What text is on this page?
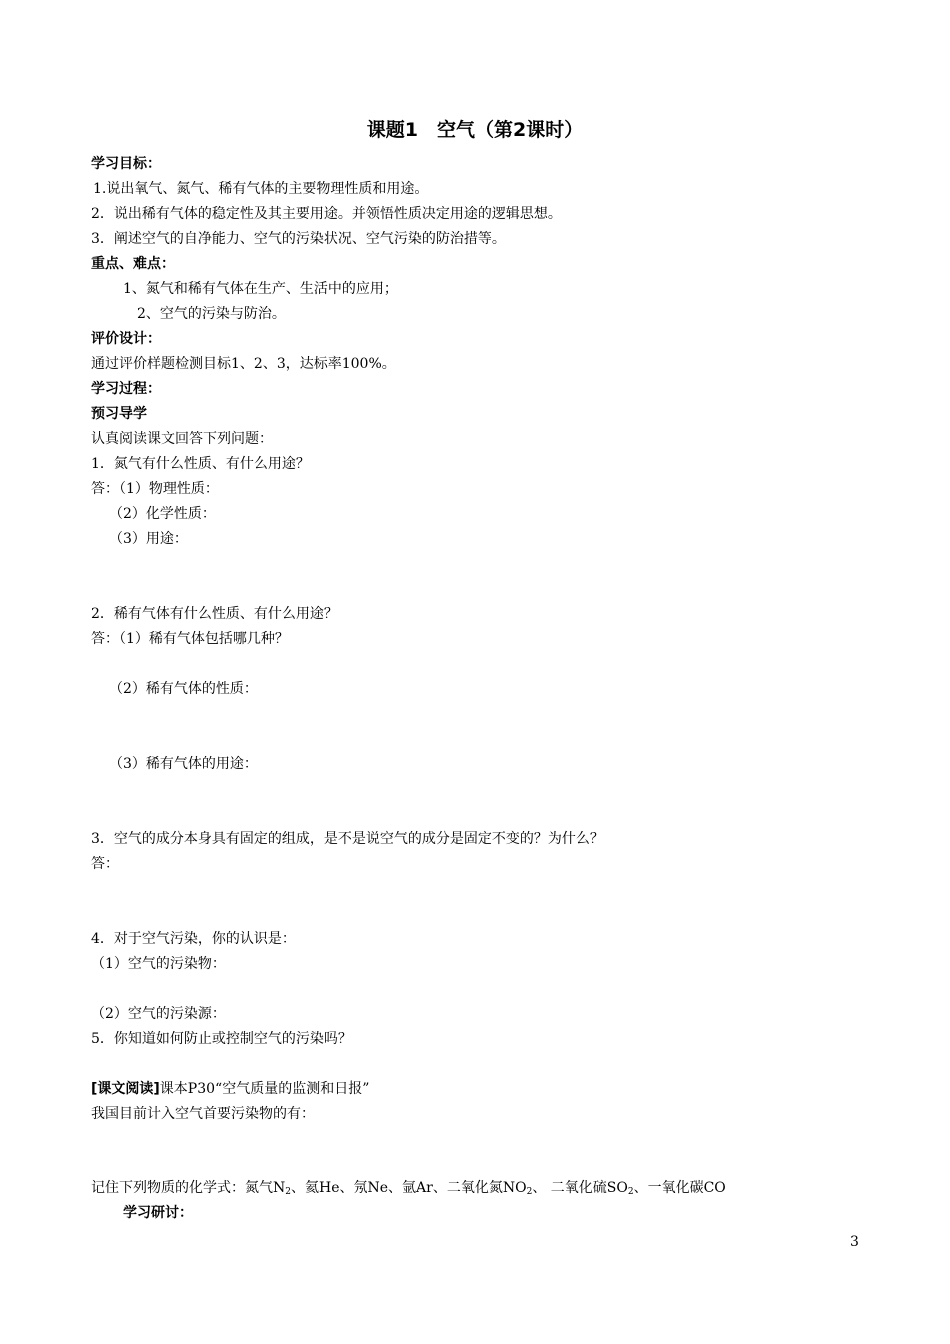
课题1　空气（第2课时）
学习目标：
1.说出氧气、氮气、稀有气体的主要物理性质和用途。
2．说出稀有气体的稳定性及其主要用途。并领悟性质决定用途的逻辑思想。
3．阐述空气的自净能力、空气的污染状况、空气污染的防治措等。
重点、难点：
1、氮气和稀有气体在生产、生活中的应用；
2、空气的污染与防治。
评价设计：
通过评价样题检测目标1、2、3，达标率100%。
学习过程：
预习导学
认真阅读课文回答下列问题：
1．氮气有什么性质、有什么用途？
答：（1）物理性质：
（2）化学性质：
（3）用途：
2．稀有气体有什么性质、有什么用途？
答：（1）稀有气体包括哪几种？
（2）稀有气体的性质：
（3）稀有气体的用途：
3．空气的成分本身具有固定的组成，是不是说空气的成分是固定不变的？为什么？
答：
4．对于空气污染，你的认识是：
（1）空气的污染物：
（2）空气的污染源：
5．你知道如何防止或控制空气的污染吗？
[课文阅读]课本P30“空气质量的监测和日报”
我国目前计入空气首要污染物的有：
记住下列物质的化学式：氮气$N_2$、氦He、氖Ne、氩Ar、二氧化氮$NO_2$、 二氧化硫$SO_2$、一氧化碳CO
学习研讨：
3
